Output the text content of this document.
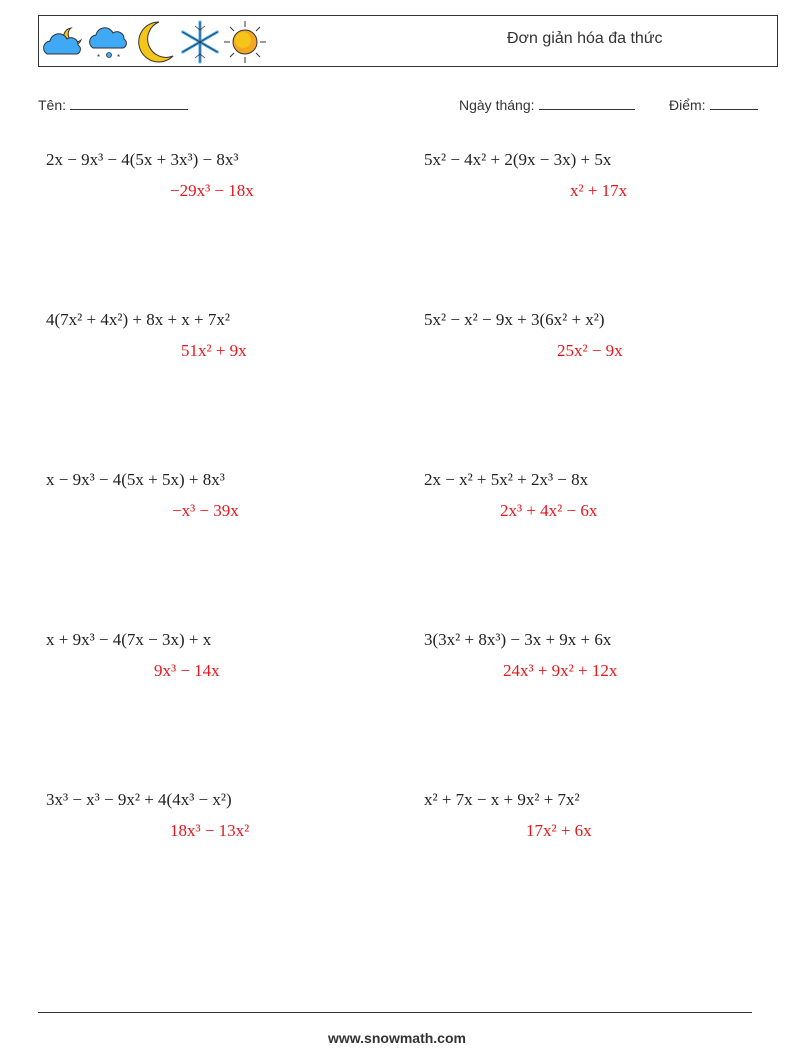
* *
Đơn giản hóa đa thức
Tên:	Ngày tháng:	Điểm:
2x − 9x³ − 4(5x + 3x³) − 8x³
−29x³ − 18x
5x² − 4x² + 2(9x − 3x) + 5x
x² + 17x
4(7x² + 4x²) + 8x + x + 7x²
51x² + 9x
5x² − x² − 9x + 3(6x² + x²)
25x² − 9x
x − 9x³ − 4(5x + 5x) + 8x³
−x³ − 39x
2x − x² + 5x² + 2x³ − 8x
2x³ + 4x² − 6x
x + 9x³ − 4(7x − 3x) + x
9x³ − 14x
3(3x² + 8x³) − 3x + 9x + 6x
24x³ + 9x² + 12x
3x³ − x³ − 9x² + 4(4x³ − x²)
18x³ − 13x²
x² + 7x − x + 9x² + 7x²
17x² + 6x
www.snowmath.com
